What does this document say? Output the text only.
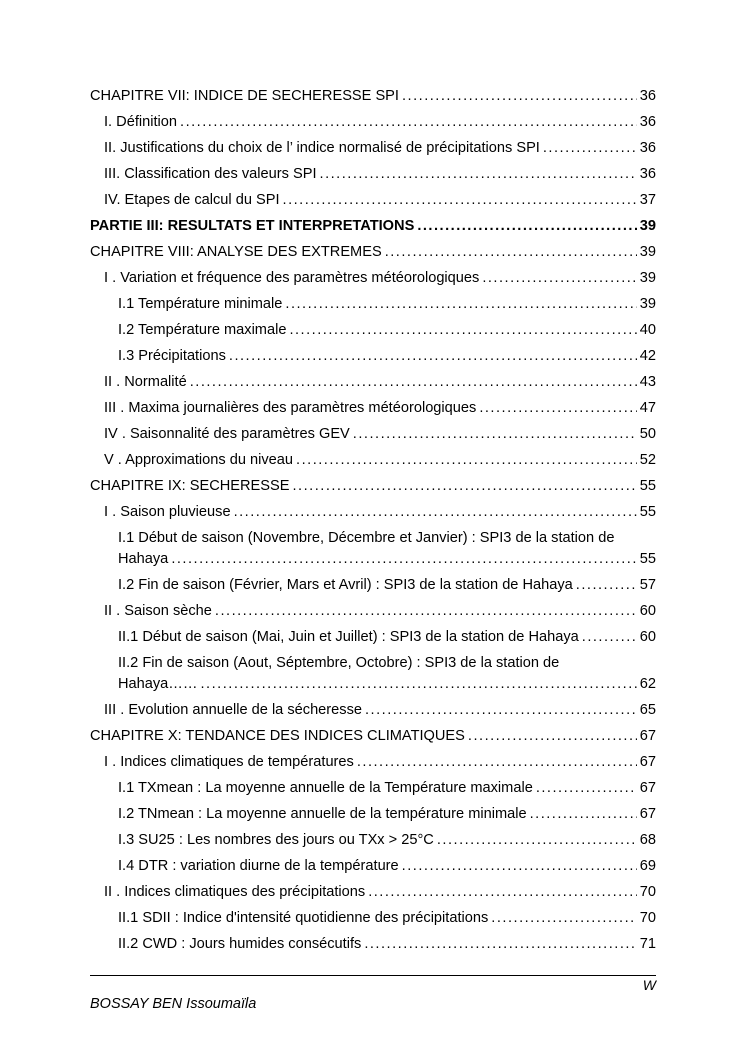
CHAPITRE VII: INDICE DE SECHERESSE SPI .....	36
I. Définition .....	36
II. Justifications du choix de l’ indice normalisé de précipitations SPI .....	36
III. Classification des valeurs SPI .....	36
IV. Etapes de calcul du SPI .....	37
PARTIE III: RESULTATS ET INTERPRETATIONS .....	39
CHAPITRE VIII: ANALYSE DES EXTREMES .....	39
I . Variation et fréquence des paramètres météorologiques .....	39
I.1 Température minimale .....	39
I.2 Température maximale .....	40
I.3 Précipitations .....	42
II . Normalité .....	43
III . Maxima journalières des paramètres météorologiques .....	47
IV . Saisonnalité des paramètres GEV .....	50
V . Approximations du niveau .....	52
CHAPITRE IX: SECHERESSE .....	55
I . Saison pluvieuse .....	55
I.1 Début de saison (Novembre, Décembre et Janvier) : SPI3 de la station de
Hahaya .....	55
I.2 Fin de saison (Février, Mars et Avril) : SPI3 de la station de Hahaya .....	57
II . Saison sèche .....	60
II.1 Début de saison (Mai, Juin et Juillet) : SPI3 de la station de Hahaya .....	60
II.2 Fin de saison (Aout, Séptembre, Octobre) : SPI3 de la station de
Hahaya…… .....	62
III . Evolution annuelle de la sécheresse .....	65
CHAPITRE X: TENDANCE DES INDICES CLIMATIQUES .....	67
I . Indices climatiques de températures .....	67
I.1 TXmean : La moyenne annuelle de la Température maximale .....	67
I.2 TNmean : La moyenne annuelle de la température minimale .....	67
I.3 SU25 : Les nombres des jours ou TXx > 25°C .....	68
I.4 DTR : variation diurne de la température .....	69
II . Indices climatiques des précipitations .....	70
II.1 SDII : Indice d'intensité quotidienne des précipitations .....	70
II.2 CWD : Jours humides consécutifs .....	71
W
BOSSAY BEN Issoumaïla
